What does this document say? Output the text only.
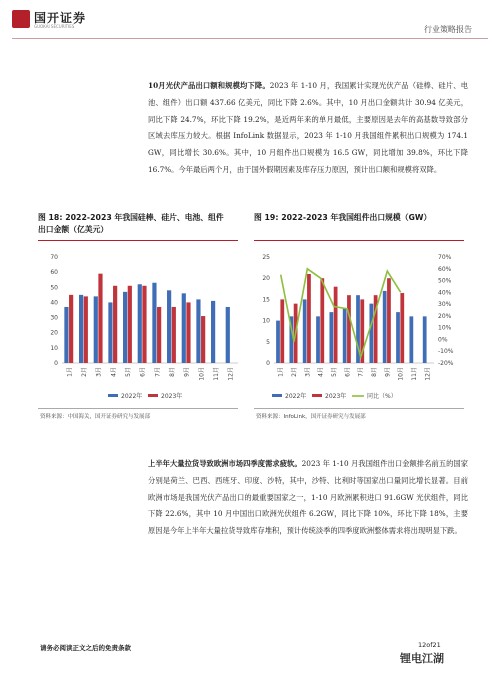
国开证券
GUOKAI SECURITIES	行业策略报告
10月光伏产品出口额和规模均下降。2023 年 1-10 月，我国累计实现光伏产品（硅棒、硅片、电池、组件）出口额 437.66 亿美元，同比下降 2.6%。其中，10 月出口金额共计 30.94 亿美元，同比下降 24.7%，环比下降 19.2%，是近两年来的单月最低，主要原因是去年的高基数导致部分区域去库压力较大。根据 InfoLink 数据显示，2023 年 1-10 月我国组件累积出口规模为 174.1 GW，同比增长 30.6%。其中，10 月组件出口规模为 16.5 GW，同比增加 39.8%，环比下降 16.7%。今年最后两个月，由于国外假期因素及库存压力原因，预计出口额和规模将双降。
图 18: 2022-2023 年我国硅棒、硅片、电池、组件
出口金额（亿美元）
0
10
20
30
40
50
60
70
1月 2月 3月 4月 5月 6月 7月 8月 9月 10月 11月 12月
2022年	2023年
资料来源：中国海关，国开证券研究与发展部
图 19: 2022-2023 年我国组件出口规模（GW）
0
5
10
15
20
25
-20%
-10%
0%
10%
20%
30%
40%
50%
60%
70%
1月 2月 3月 4月 5月 6月 7月 8月 9月 10月 11月 12月
2022年	2023年	同比（%）
资料来源：InfoLink，国开证券研究与发展部
上半年大量拉货导致欧洲市场四季度需求疲软。2023 年 1-10 月我国组件出口金额排名前五的国家分别是荷兰、巴西、西班牙、印度、沙特，其中，沙特、比利时等国家出口量同比增长显著。目前欧洲市场是我国光伏产品出口的最重要国家之一，1-10 月欧洲累积进口 91.6GW 光伏组件，同比下降 22.6%，其中 10 月中国出口欧洲光伏组件 6.2GW，同比下降 10%，环比下降 18%，主要原因是今年上半年大量拉货导致库存堆积，预计传统淡季的四季度欧洲整体需求将出现明显下跌。
请务必阅读正文之后的免责条款	12of21
锂电江湖
